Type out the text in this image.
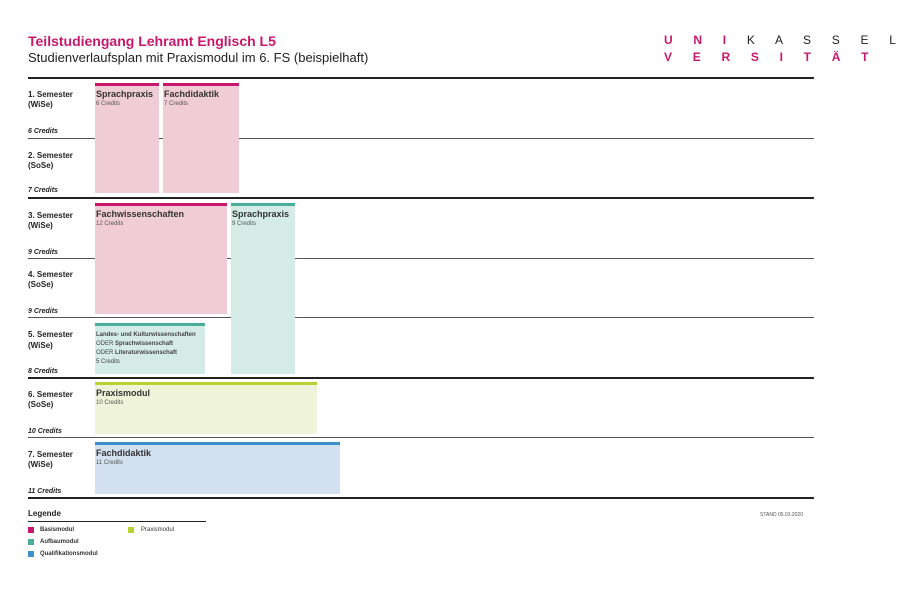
Teilstudiengang Lehramt Englisch L5
Studienverlaufsplan mit Praxismodul im 6. FS (beispielhaft)
U N I K A S S E L
V E R S I T Ä T
1. Semester
(WiSe)
6 Credits
2. Semester
(SoSe)
7 Credits
3. Semester
(WiSe)
9 Credits
4. Semester
(SoSe)
9 Credits
5. Semester
(WiSe)
8 Credits
6. Semester
(SoSe)
10 Credits
7. Semester
(WiSe)
11 Credits
Sprachpraxis
6 Credits
Fachdidaktik
7 Credits
Fachwissenschaften
12 Credits
Sprachpraxis
9 Credits
Landes- und Kulturwissenschaften
ODER Sprachwissenschaft
ODER Literaturwissenschaft
5 Credits
Praxismodul
10 Credits
Fachdidaktik
11 Credits
Legende
Basismodul
Aufbaumodul
Qualifikationsmodul
Praxismodul
STAND 05.03.2020
